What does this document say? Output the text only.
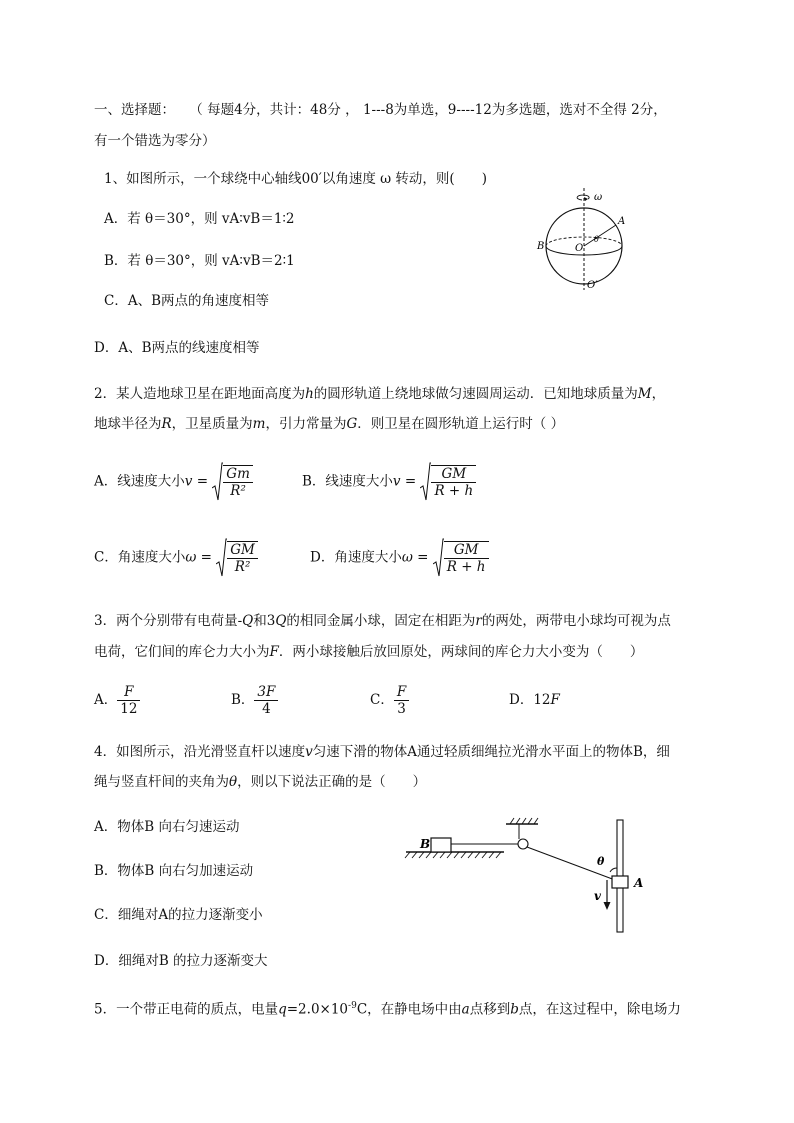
一、选择题： （ 每题4分，共计：48分 ， 1---8为单选，9----12为多选题，选对不全得 2分，
有一个错选为零分）
1、如图所示，一个球绕中心轴线00′以角速度 ω 转动，则(　　)
A．若 θ＝30°，则 vA∶vB＝1∶2
B．若 θ＝30°，则 vA∶vB＝2∶1
C．A、B两点的角速度相等
D．A、B两点的线速度相等
ω
A
B	O
θ
O′
2．某人造地球卫星在距地面高度为h的圆形轨道上绕地球做匀速圆周运动．已知地球质量为M，
地球半径为R，卫星质量为m，引力常量为G．则卫星在圆形轨道上运行时（ ）
A．线速度大小$v = \frac{Gm}{\text{R²}}$	B．线速度大小$v = \frac{GM}{R + h}$
C．角速度大小$\omega = \frac{GM}{\text{R²}}$	D．角速度大小$\omega = \frac{GM}{R + h}$
3．两个分别带有电荷量-Q和3Q的相同金属小球，固定在相距为r的两处，两带电小球均可视为点
电荷，它们间的库仑力大小为F．两小球接触后放回原处，两球间的库仑力大小变为（　　）
A． $\frac{F}{12}$	B． $\frac{3F}{4}$	C． $\frac{F}{3}$	D．12F
4．如图所示，沿光滑竖直杆以速度v匀速下滑的物体A通过轻质细绳拉光滑水平面上的物体B，细
绳与竖直杆间的夹角为θ，则以下说法正确的是（　　）
A．物体B 向右匀速运动
B．物体B 向右匀加速运动
C．细绳对A的拉力逐渐变小
D．细绳对B 的拉力逐渐变大
B
θ
A
v
5．一个带正电荷的质点，电量$q=2.0\times 10^{-9}C$，在静电场中由a点移到b点，在这过程中，除电场力
